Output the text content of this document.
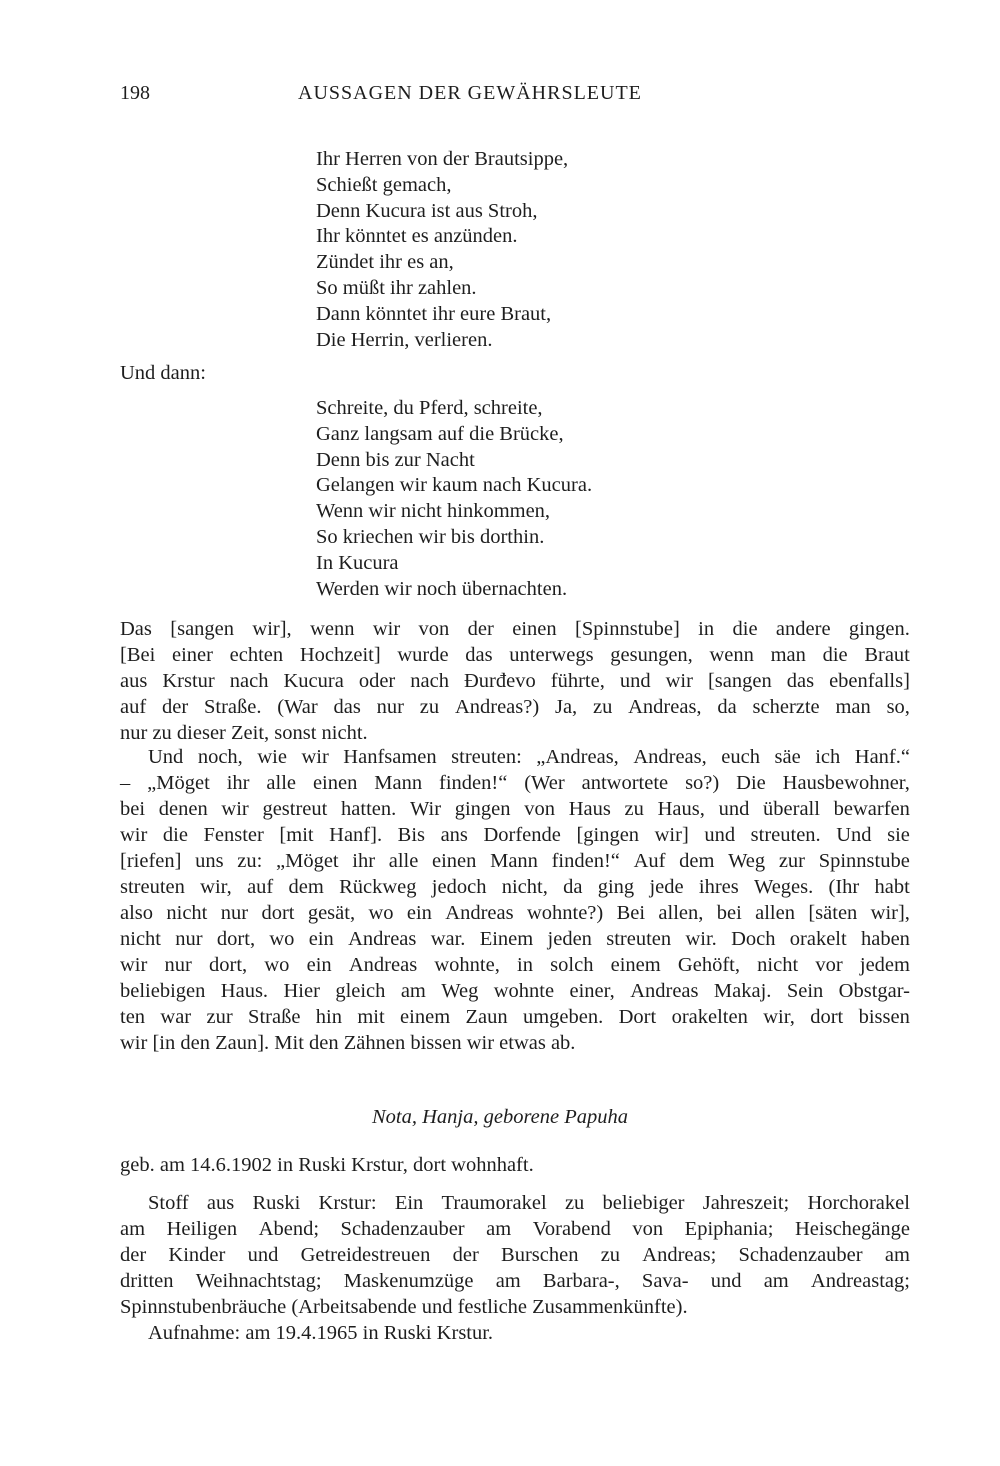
198	AUSSAGEN DER GEWÄHRSLEUTE
Ihr Herren von der Brautsippe,
Schießt gemach,
Denn Kucura ist aus Stroh,
Ihr könntet es anzünden.
Zündet ihr es an,
So müßt ihr zahlen.
Dann könntet ihr eure Braut,
Die Herrin, verlieren.
Und dann:
Schreite, du Pferd, schreite,
Ganz langsam auf die Brücke,
Denn bis zur Nacht
Gelangen wir kaum nach Kucura.
Wenn wir nicht hinkommen,
So kriechen wir bis dorthin.
In Kucura
Werden wir noch übernachten.
Das [sangen wir], wenn wir von der einen [Spinnstube] in die andere gingen.
[Bei einer echten Hochzeit] wurde das unterwegs gesungen, wenn man die Braut
aus Krstur nach Kucura oder nach Đurđevo führte, und wir [sangen das ebenfalls]
auf der Straße. (War das nur zu Andreas?) Ja, zu Andreas, da scherzte man so,
nur zu dieser Zeit, sonst nicht.
Und noch, wie wir Hanfsamen streuten: „Andreas, Andreas, euch säe ich Hanf.“
– „Möget ihr alle einen Mann finden!“ (Wer antwortete so?) Die Hausbewohner,
bei denen wir gestreut hatten. Wir gingen von Haus zu Haus, und überall bewarfen
wir die Fenster [mit Hanf]. Bis ans Dorfende [gingen wir] und streuten. Und sie
[riefen] uns zu: „Möget ihr alle einen Mann finden!“ Auf dem Weg zur Spinnstube
streuten wir, auf dem Rückweg jedoch nicht, da ging jede ihres Weges. (Ihr habt
also nicht nur dort gesät, wo ein Andreas wohnte?) Bei allen, bei allen [säten wir],
nicht nur dort, wo ein Andreas war. Einem jeden streuten wir. Doch orakelt haben
wir nur dort, wo ein Andreas wohnte, in solch einem Gehöft, nicht vor jedem
beliebigen Haus. Hier gleich am Weg wohnte einer, Andreas Makaj. Sein Obstgar-
ten war zur Straße hin mit einem Zaun umgeben. Dort orakelten wir, dort bissen
wir [in den Zaun]. Mit den Zähnen bissen wir etwas ab.
Nota, Hanja, geborene Papuha
geb. am 14.6.1902 in Ruski Krstur, dort wohnhaft.
Stoff aus Ruski Krstur: Ein Traumorakel zu beliebiger Jahreszeit; Horchorakel
am Heiligen Abend; Schadenzauber am Vorabend von Epiphania; Heischegänge
der Kinder und Getreidestreuen der Burschen zu Andreas; Schadenzauber am
dritten Weihnachtstag; Maskenumzüge am Barbara-, Sava- und am Andreastag;
Spinnstubenbräuche (Arbeitsabende und festliche Zusammenkünfte).
Aufnahme: am 19.4.1965 in Ruski Krstur.
